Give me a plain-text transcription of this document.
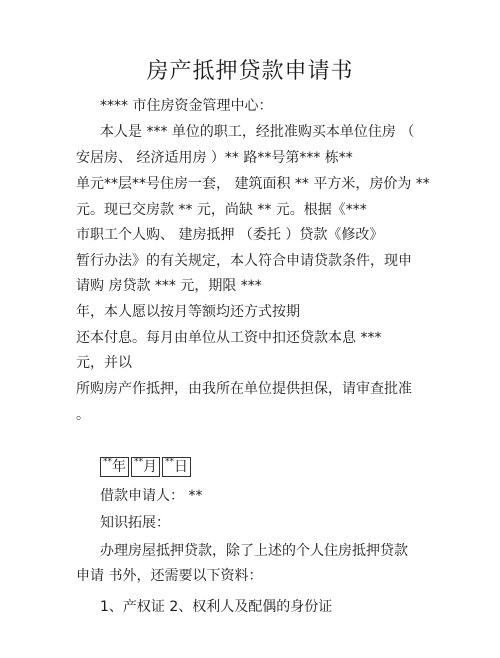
房产抵押贷款申请书
**** 市住房资金管理中心：
本人是 *** 单位的职工，经批准购买本单位住房 （
安居房、 经济适用房 ）** 路**号第*** 栋**
单元**层**号住房一套， 建筑面积 ** 平方米，房价为 **
元。现已交房款 ** 元，尚缺 ** 元。根据《***
市职工个人购、 建房抵押 （委托 ）贷款《修改》
暂行办法》的有关规定，本人符合申请贷款条件，现申
请购 房贷款 *** 元，期限 ***
年，本人愿以按月等额均还方式按期
还本付息。每月由单位从工资中扣还贷款本息 ***
元，并以
所购房产作抵押，由我所在单位提供担保，请审查批准
。
**年 **月 **日
借款申请人： **
知识拓展：
办理房屋抵押贷款，除了上述的个人住房抵押贷款
申请 书外，还需要以下资料：
1、产权证 2、权利人及配偶的身份证
